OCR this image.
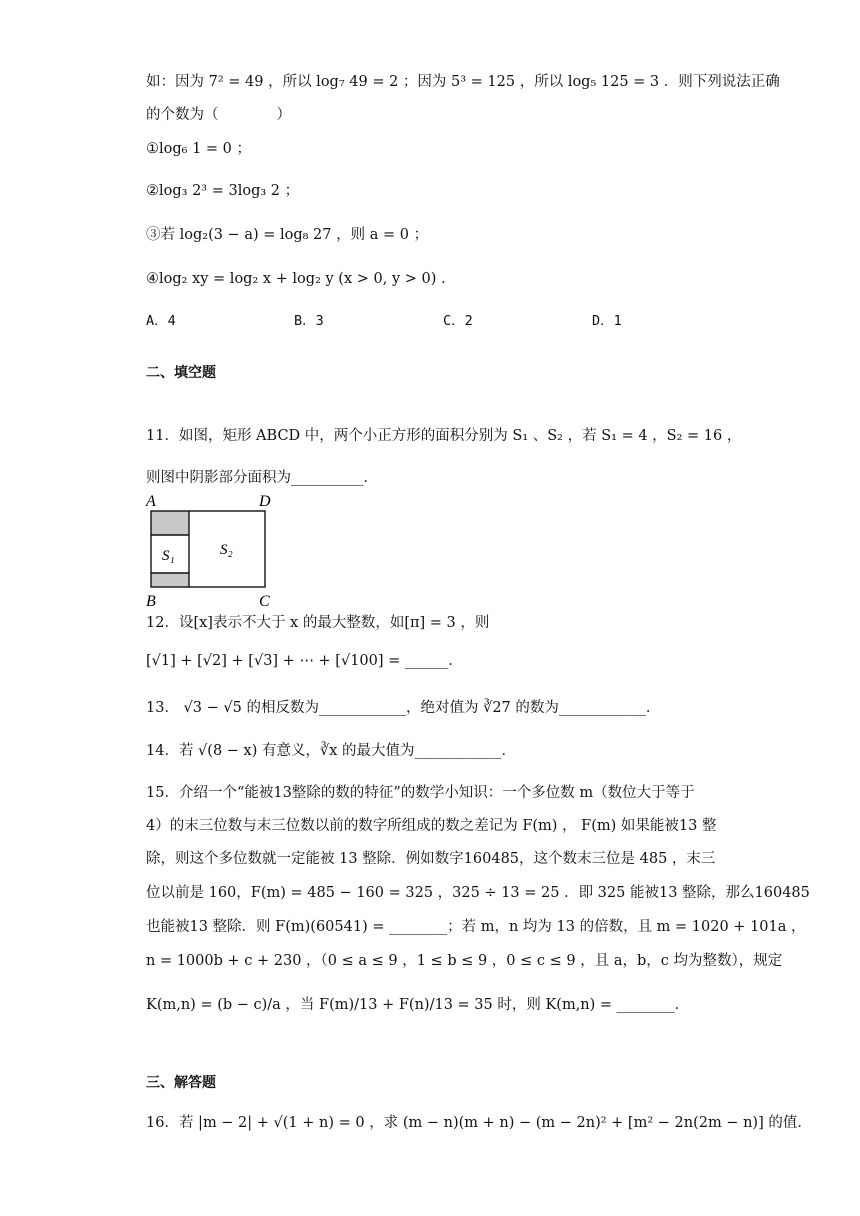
如：因为 7² = 49 ，所以 log₇ 49 = 2 ；因为 5³ = 125 ，所以 log₅ 125 = 3 ．则下列说法正确
的个数为（　　　　）
①log₆ 1 = 0 ；
②log₃ 2³ = 3log₃ 2 ；
③若 log₂(3 − a) = log₈ 27 ，则 a = 0 ；
④log₂ xy = log₂ x + log₂ y (x > 0, y > 0) .
A．4	B．3	C．2	D．1
二、填空题
11．如图，矩形 ABCD 中，两个小正方形的面积分别为 S₁ 、S₂ ，若 S₁ = 4 ，S₂ = 16 ，
则图中阴影部分面积为__________．
A	D
B	C
S₁	S₂
12．设[x]表示不大于 x 的最大整数，如[π] = 3 ，则
[√1] + [√2] + [√3] + ⋯ + [√100] = ______．
13． √3 − √5 的相反数为____________，绝对值为 ∛27 的数为____________．
14．若 √(8 − x) 有意义，∛x 的最大值为____________．
15．介绍一个“能被13整除的数的特征”的数学小知识：一个多位数 m（数位大于等于
4）的末三位数与末三位数以前的数字所组成的数之差记为 F(m) ， F(m) 如果能被13 整
除，则这个多位数就一定能被 13 整除．例如数字160485，这个数末三位是 485 ，末三
位以前是 160，F(m) = 485 − 160 = 325 ，325 ÷ 13 = 25 ．即 325 能被13 整除，那么160485
也能被13 整除．则 F(m)(60541) = ________；若 m，n 均为 13 的倍数，且 m = 1020 + 101a ，
n = 1000b + c + 230 ，（0 ≤ a ≤ 9 ，1 ≤ b ≤ 9 ，0 ≤ c ≤ 9 ，且 a，b，c 均为整数），规定
K(m,n) = (b − c)/a ，当 F(m)/13 + F(n)/13 = 35 时，则 K(m,n) = ________．
三、解答题
16．若 |m − 2| + √(1 + n) = 0 ，求 (m − n)(m + n) − (m − 2n)² + [m² − 2n(2m − n)] 的值．
